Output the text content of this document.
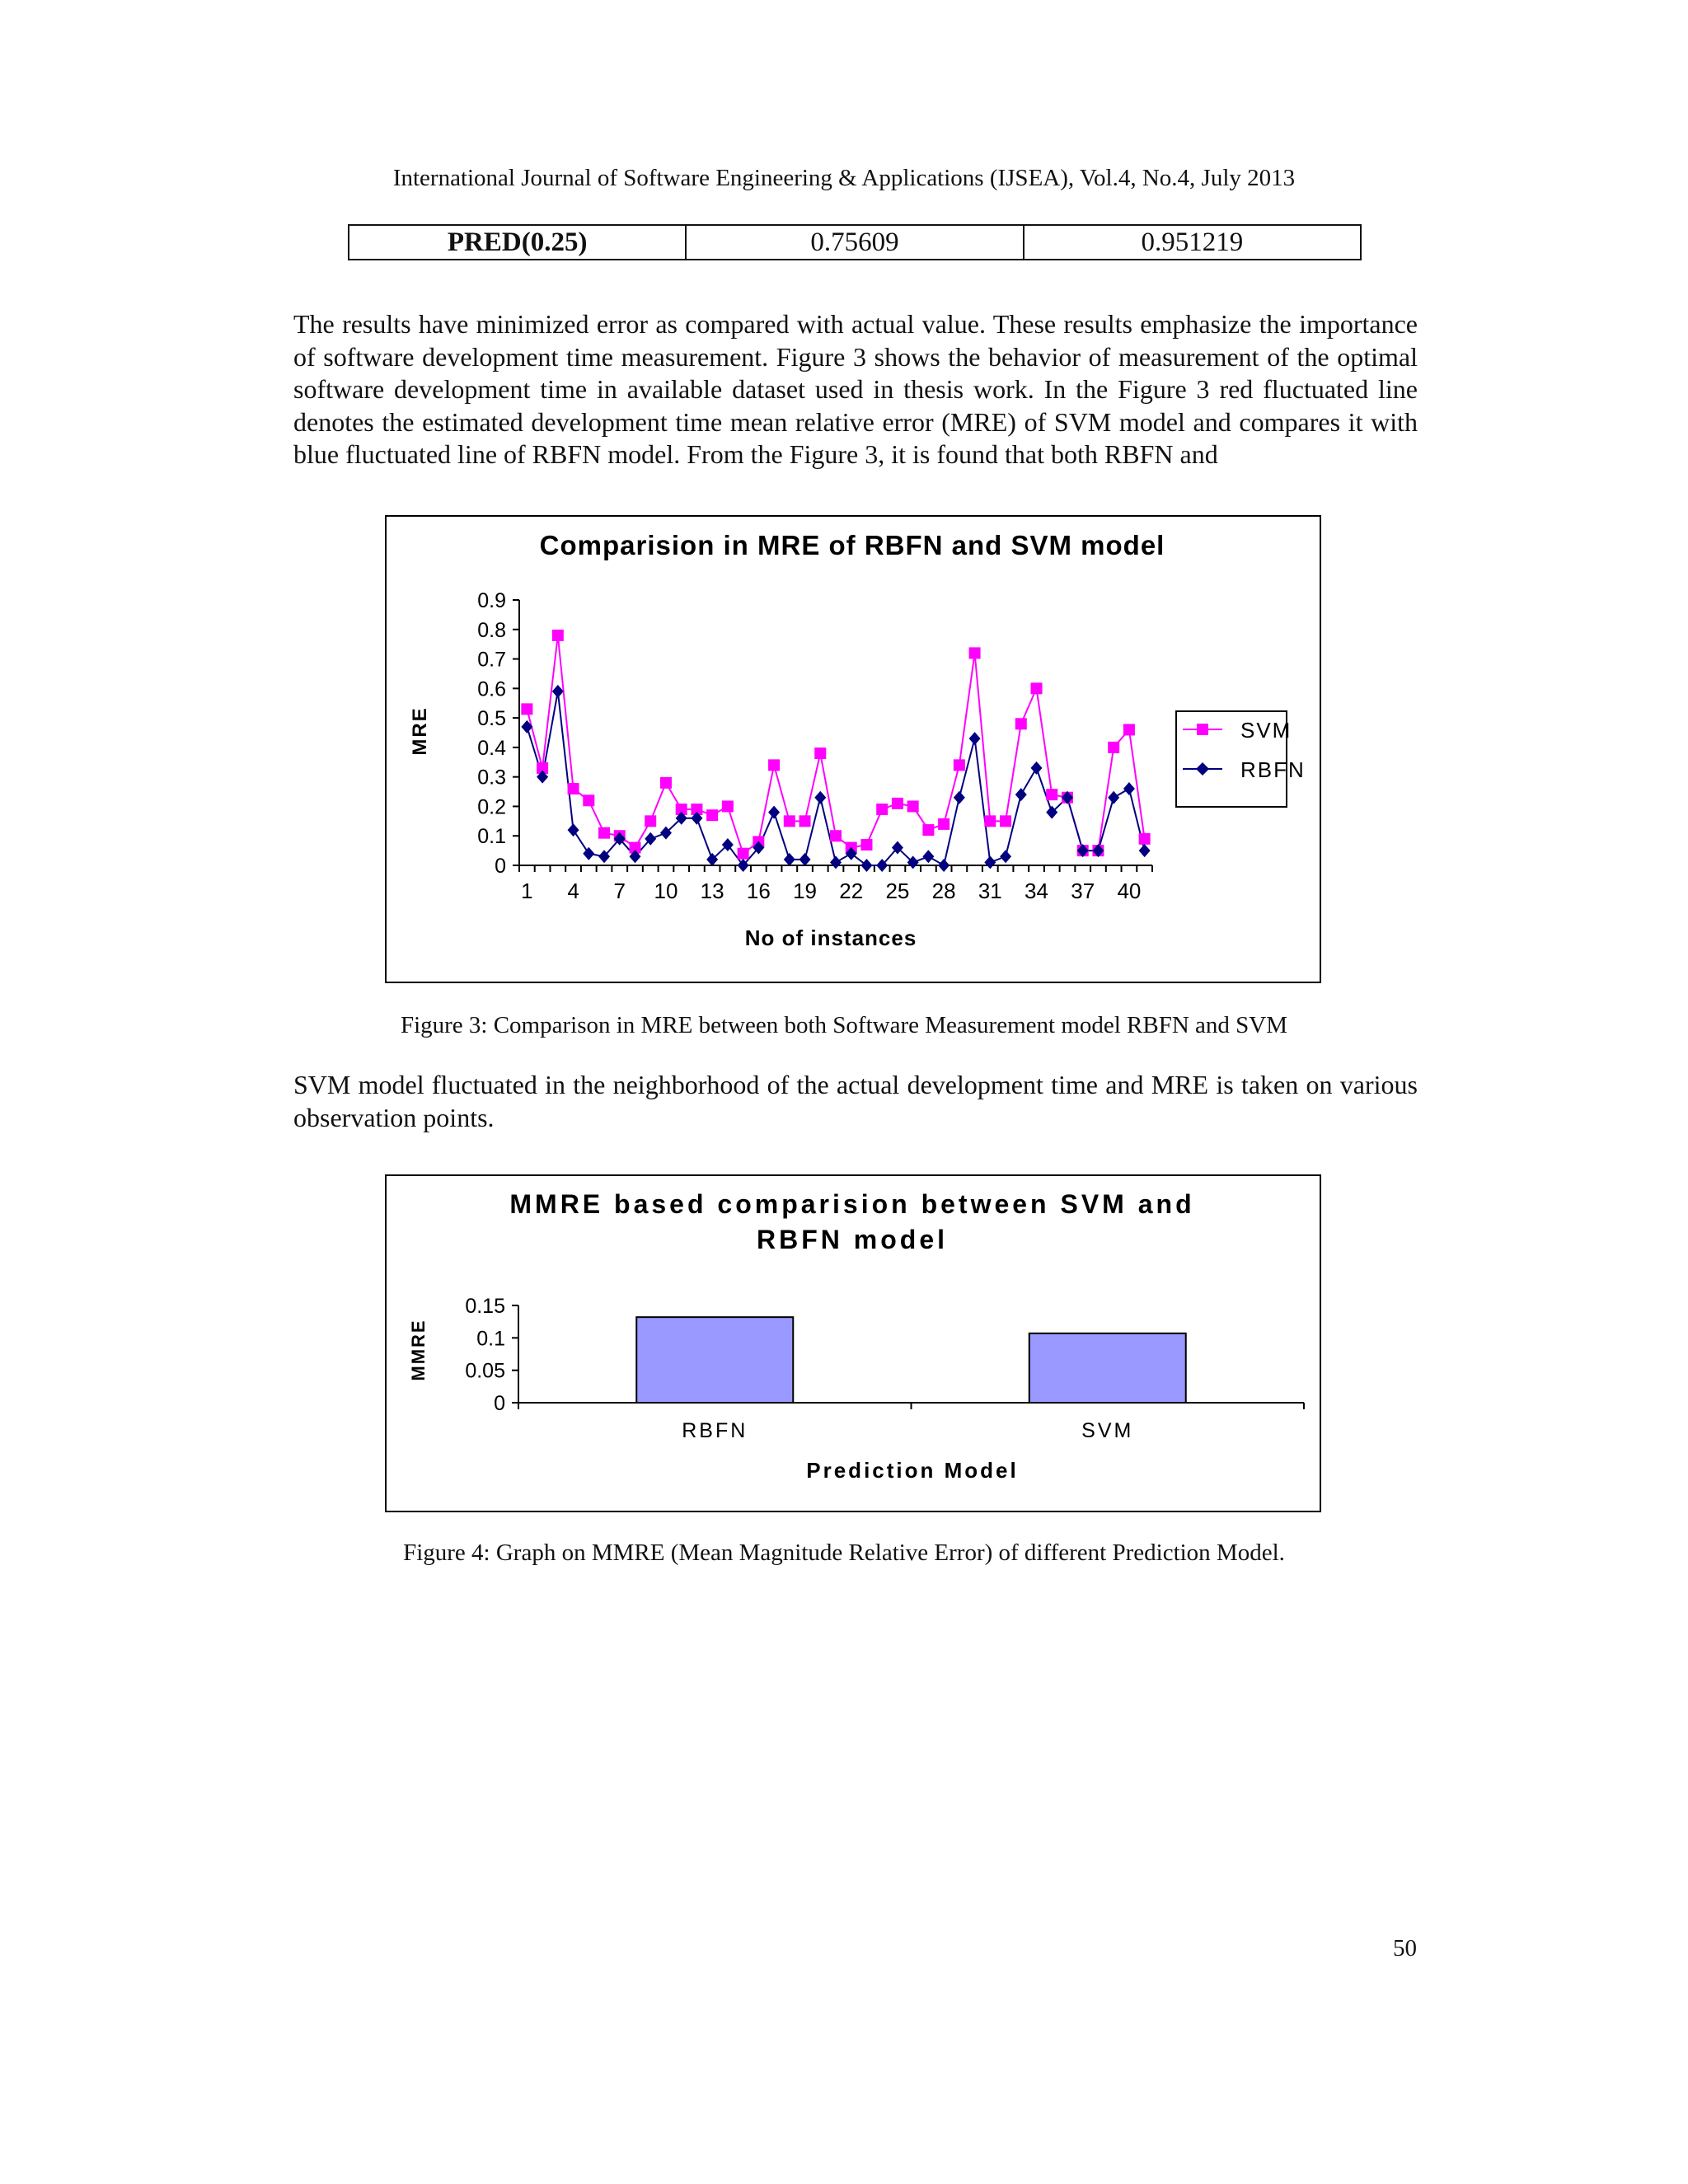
International Journal of Software Engineering & Applications (IJSEA), Vol.4, No.4, July 2013
PRED(0.25)	0.75609	0.951219
The results have minimized error as compared with actual value. These results emphasize the importance of software development time measurement. Figure 3 shows the behavior of measurement of the optimal software development time in available dataset used in thesis work. In the Figure 3 red fluctuated line denotes the estimated development time mean relative error (MRE) of SVM model and compares it with blue fluctuated line of RBFN model. From the Figure 3, it is found that both RBFN and
Comparision in MRE of RBFN and SVM model
0
0.1
0.2
0.3
0.4
0.5
0.6
0.7
0.8
0.9
1 4 7 10 13 16 19 22 25 28 31 34 37 40
MRE
No of instances
SVM
RBFN
Figure 3: Comparison in MRE between both Software Measurement model RBFN and SVM
SVM model fluctuated in the neighborhood of the actual development time and MRE is taken on various observation points.
MMRE based comparision between SVM and
RBFN model
0
0.05
0.1
0.15
RBFN	SVM
MMRE
Prediction Model
Figure 4: Graph on MMRE (Mean Magnitude Relative Error) of different Prediction Model.
50
